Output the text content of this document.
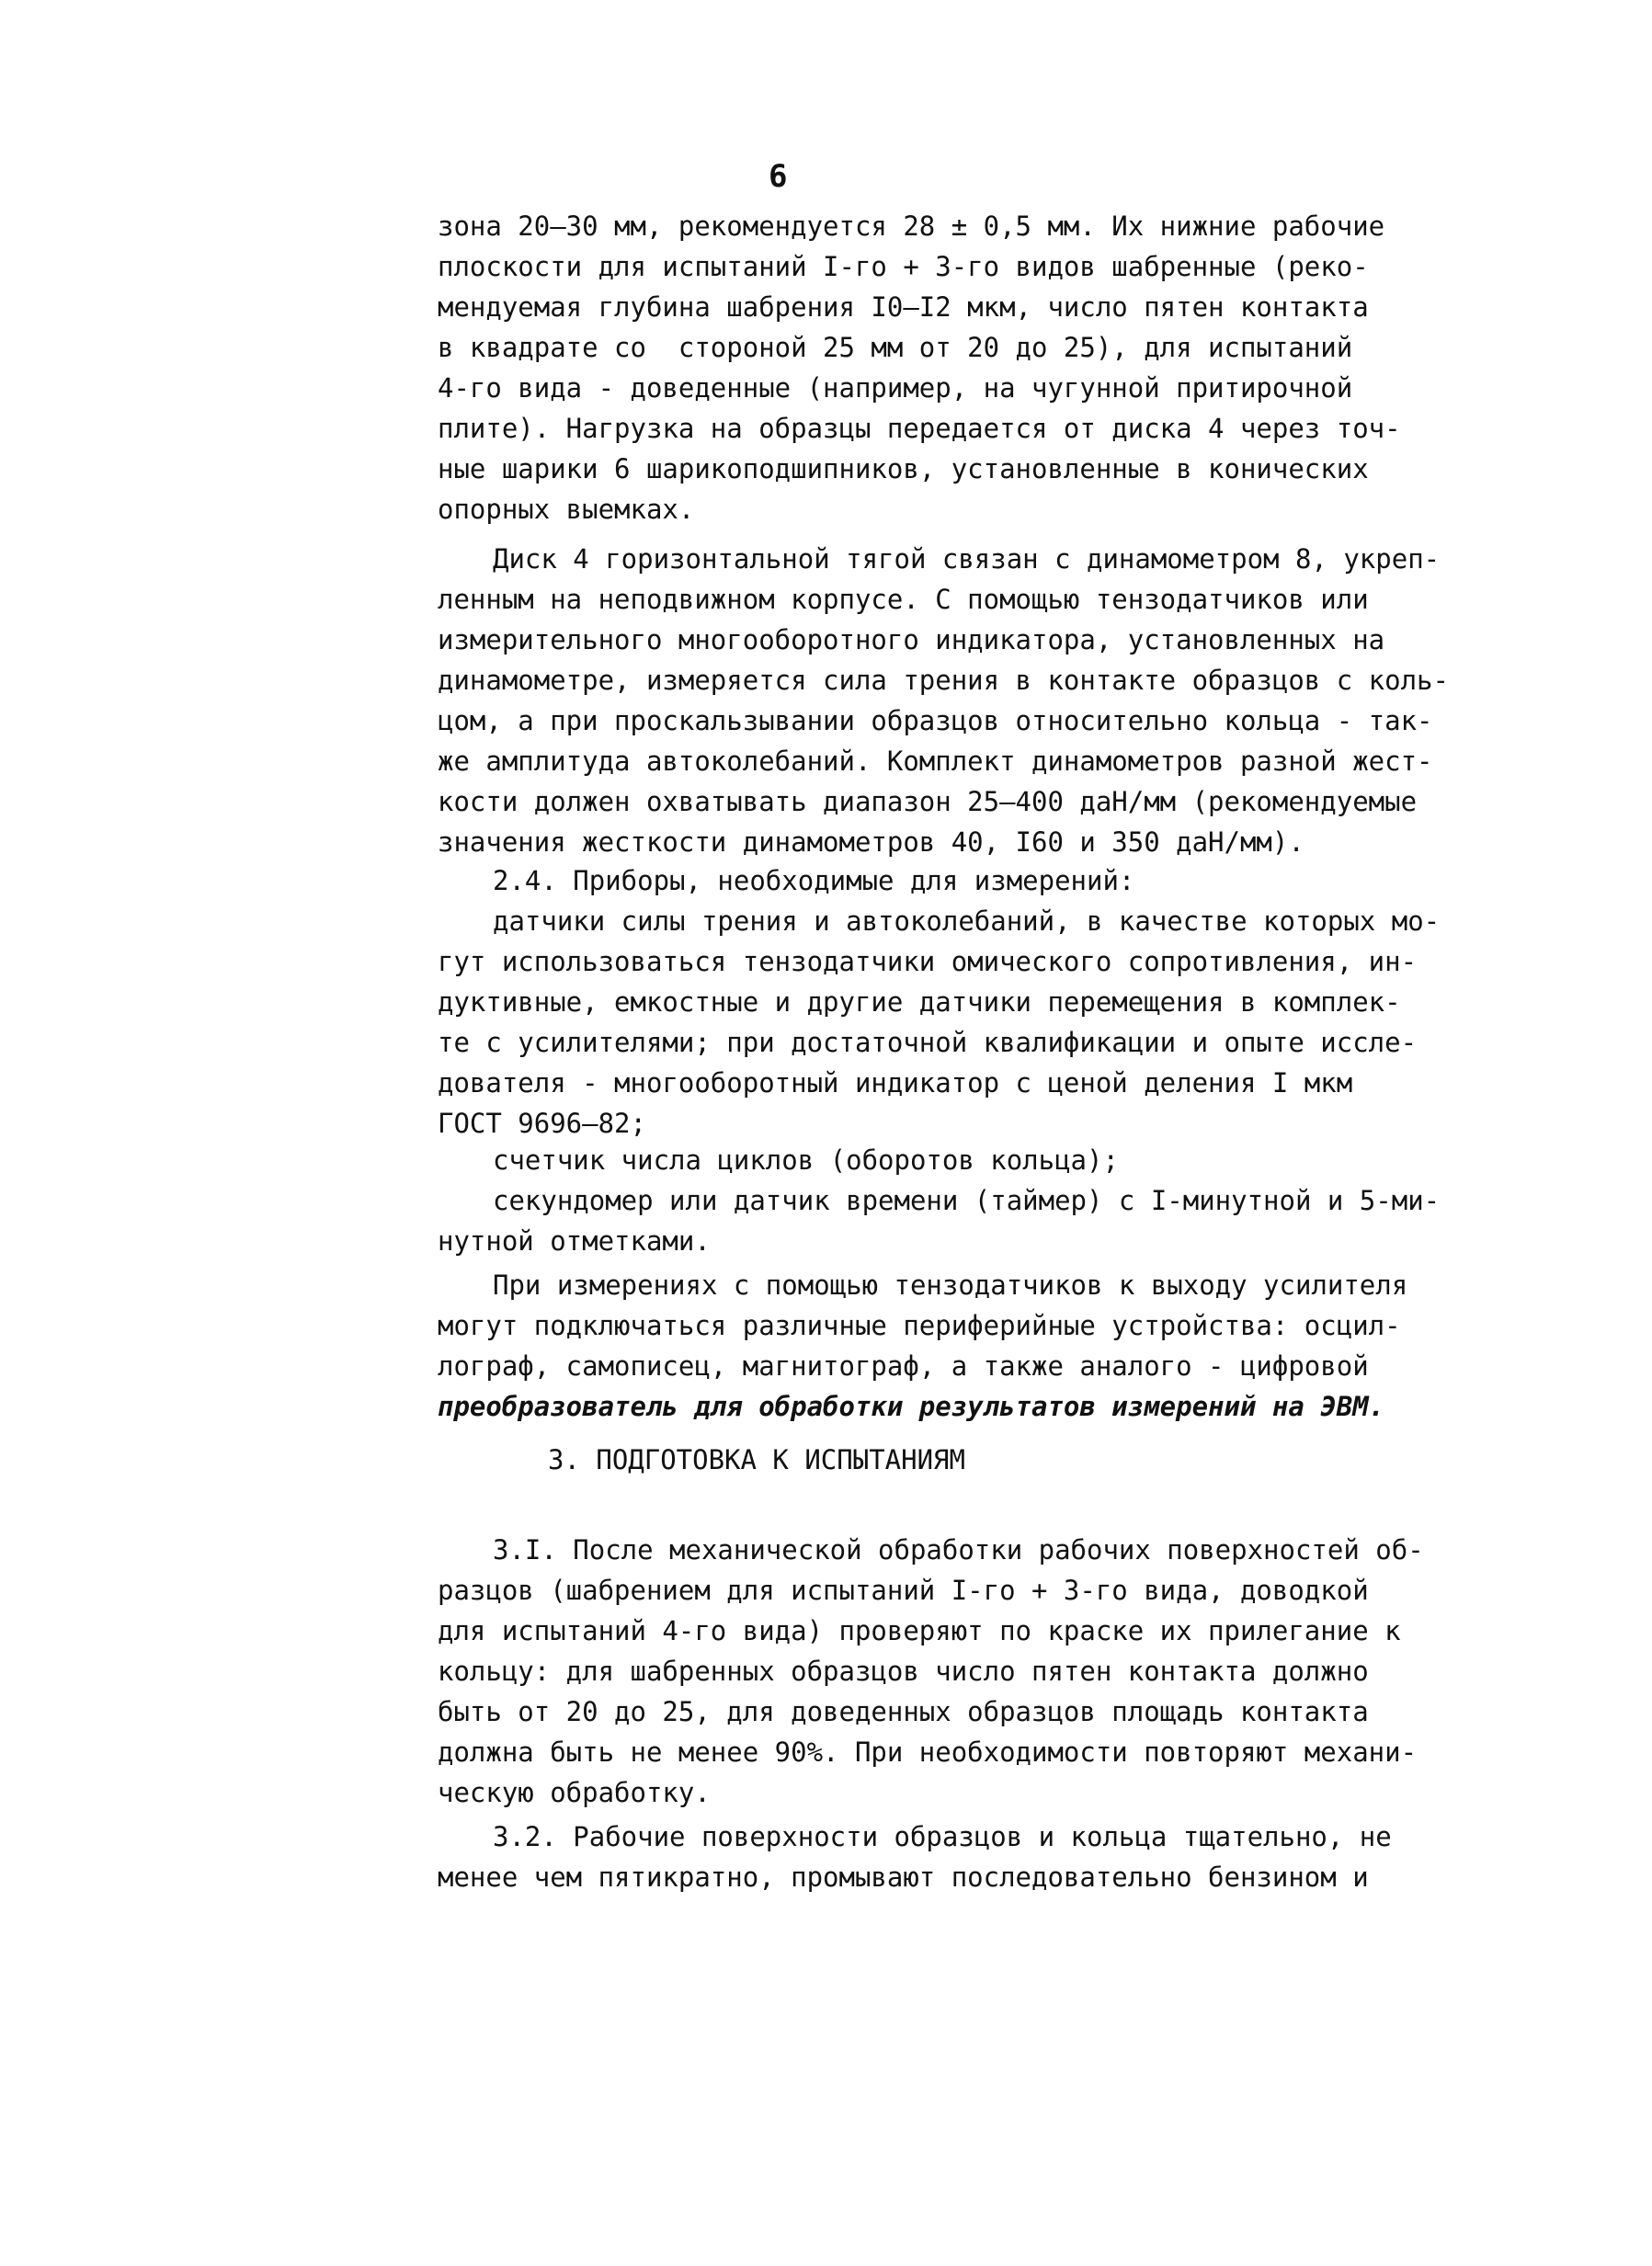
6
зона 20–30 мм, рекомендуется 28 ± 0,5 мм. Их нижние рабочие
плоскости для испытаний I-го + 3-го видов шабренные (реко-
мендуемая глубина шабрения I0–I2 мкм, число пятен контакта
в квадрате со  стороной 25 мм от 20 до 25), для испытаний
4-го вида - доведенные (например, на чугунной притирочной
плите). Нагрузка на образцы передается от диска 4 через точ-
ные шарики 6 шарикоподшипников, установленные в конических
опорных выемках.
Диск 4 горизонтальной тягой связан с динамометром 8, укреп-
ленным на неподвижном корпусе. С помощью тензодатчиков или
измерительного многооборотного индикатора, установленных на
динамометре, измеряется сила трения в контакте образцов с коль-
цом, а при проскальзывании образцов относительно кольца - так-
же амплитуда автоколебаний. Комплект динамометров разной жест-
кости должен охватывать диапазон 25–400 даН/мм (рекомендуемые
значения жесткости динамометров 40, I60 и 350 даН/мм).
2.4. Приборы, необходимые для измерений:
датчики силы трения и автоколебаний, в качестве которых мо-
гут использоваться тензодатчики омического сопротивления, ин-
дуктивные, емкостные и другие датчики перемещения в комплек-
те с усилителями; при достаточной квалификации и опыте иссле-
дователя - многооборотный индикатор с ценой деления I мкм
ГОСТ 9696–82;
счетчик числа циклов (оборотов кольца);
секундомер или датчик времени (таймер) с I-минутной и 5-ми-
нутной отметками.
При измерениях с помощью тензодатчиков к выходу усилителя
могут подключаться различные периферийные устройства: осцил-
лограф, самописец, магнитограф, а также аналого - цифровой
преобразователь для обработки результатов измерений на ЭВМ.
3. ПОДГОТОВКА К ИСПЫТАНИЯМ
3.I. После механической обработки рабочих поверхностей об-
разцов (шабрением для испытаний I-го + 3-го вида, доводкой
для испытаний 4-го вида) проверяют по краске их прилегание к
кольцу: для шабренных образцов число пятен контакта должно
быть от 20 до 25, для доведенных образцов площадь контакта
должна быть не менее 90%. При необходимости повторяют механи-
ческую обработку.
3.2. Рабочие поверхности образцов и кольца тщательно, не
менее чем пятикратно, промывают последовательно бензином и
